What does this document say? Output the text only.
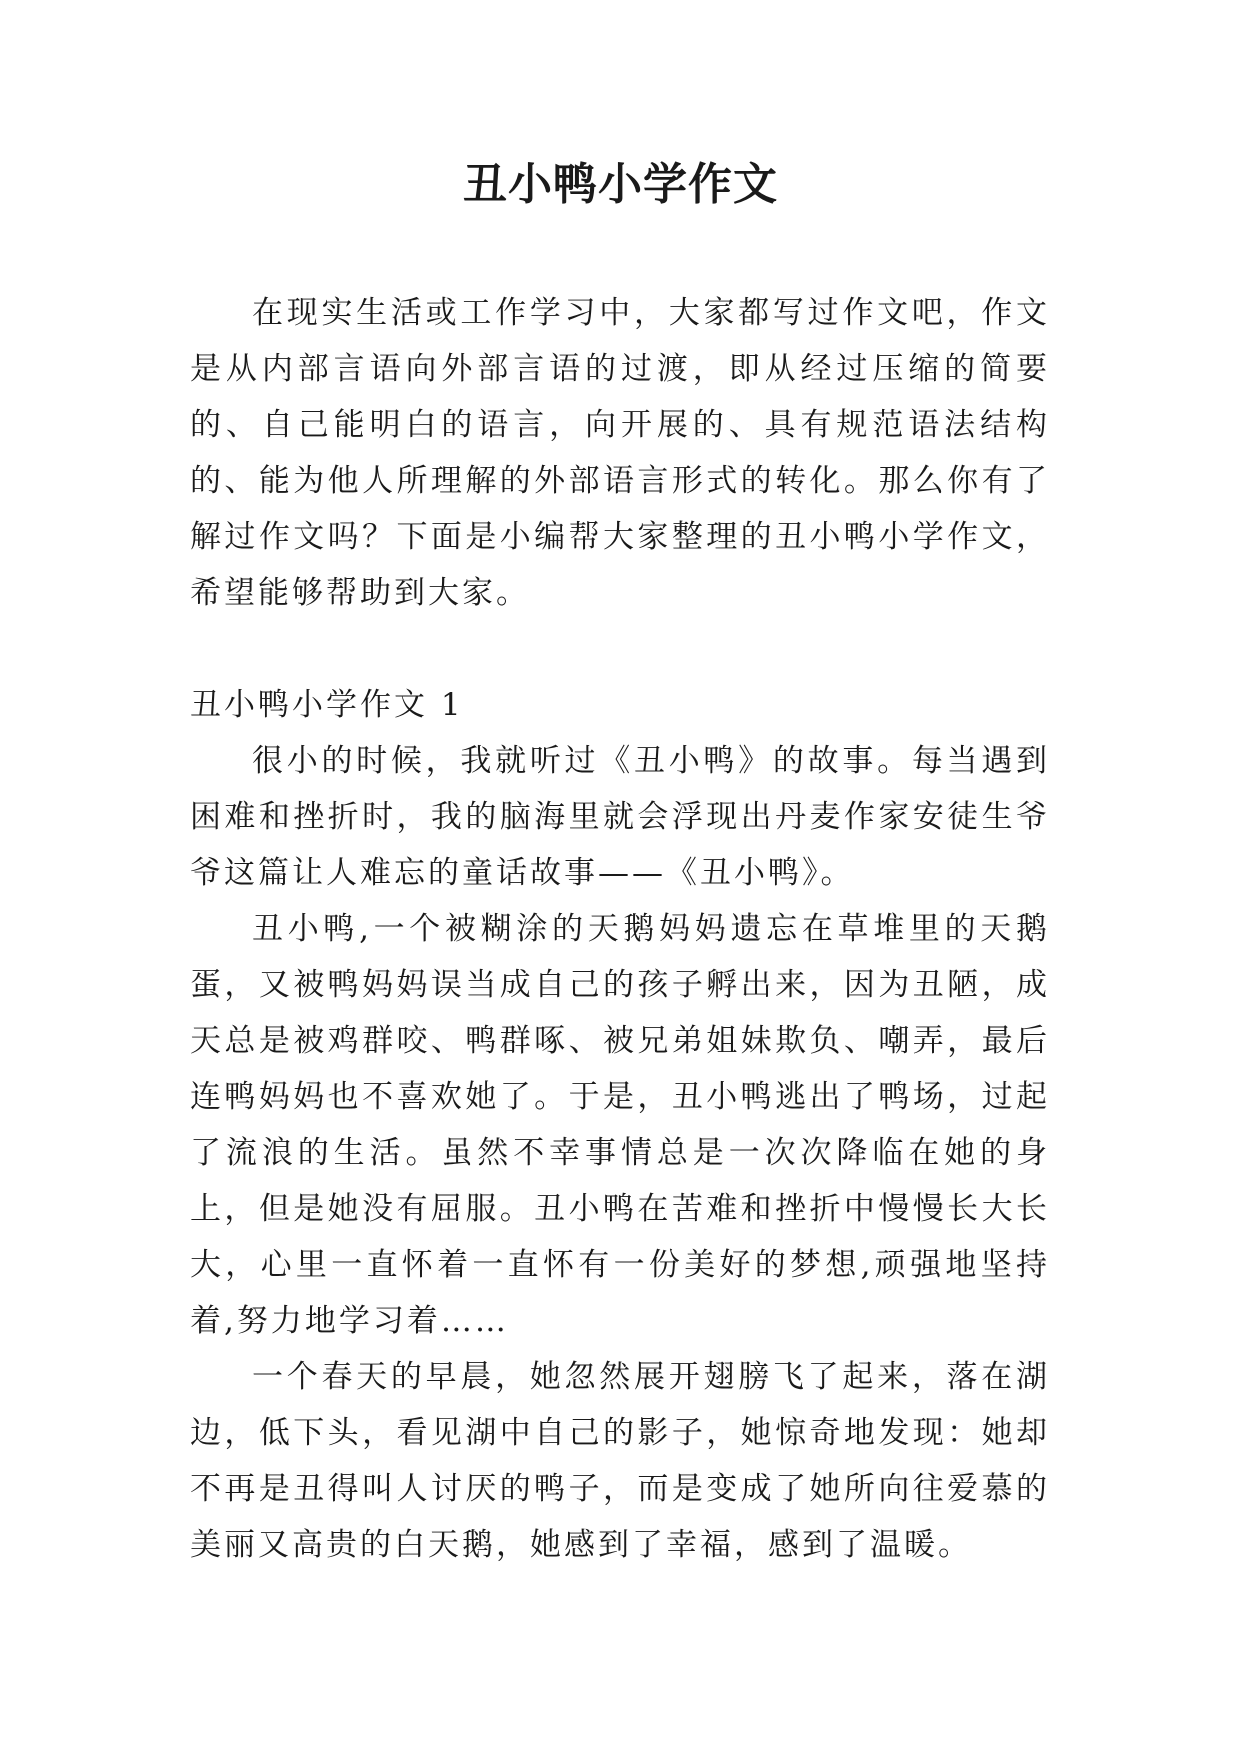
丑小鸭小学作文

在现实生活或工作学习中，大家都写过作文吧，作文是从内部言语向外部言语的过渡，即从经过压缩的简要的、自己能明白的语言，向开展的、具有规范语法结构的、能为他人所理解的外部语言形式的转化。那么你有了解过作文吗？下面是小编帮大家整理的丑小鸭小学作文，希望能够帮助到大家。

丑小鸭小学作文 1

很小的时候，我就听过《丑小鸭》的故事。每当遇到困难和挫折时，我的脑海里就会浮现出丹麦作家安徒生爷爷这篇让人难忘的童话故事——《丑小鸭》。

丑小鸭,一个被糊涂的天鹅妈妈遗忘在草堆里的天鹅蛋，又被鸭妈妈误当成自己的孩子孵出来，因为丑陋，成天总是被鸡群咬、鸭群啄、被兄弟姐妹欺负、嘲弄，最后连鸭妈妈也不喜欢她了。于是，丑小鸭逃出了鸭场，过起了流浪的生活。虽然不幸事情总是一次次降临在她的身上，但是她没有屈服。丑小鸭在苦难和挫折中慢慢长大长大，心里一直怀着一直怀有一份美好的梦想,顽强地坚持着,努力地学习着……

一个春天的早晨，她忽然展开翅膀飞了起来，落在湖边，低下头，看见湖中自己的影子，她惊奇地发现：她却不再是丑得叫人讨厌的鸭子，而是变成了她所向往爱慕的美丽又高贵的白天鹅，她感到了幸福，感到了温暖。
